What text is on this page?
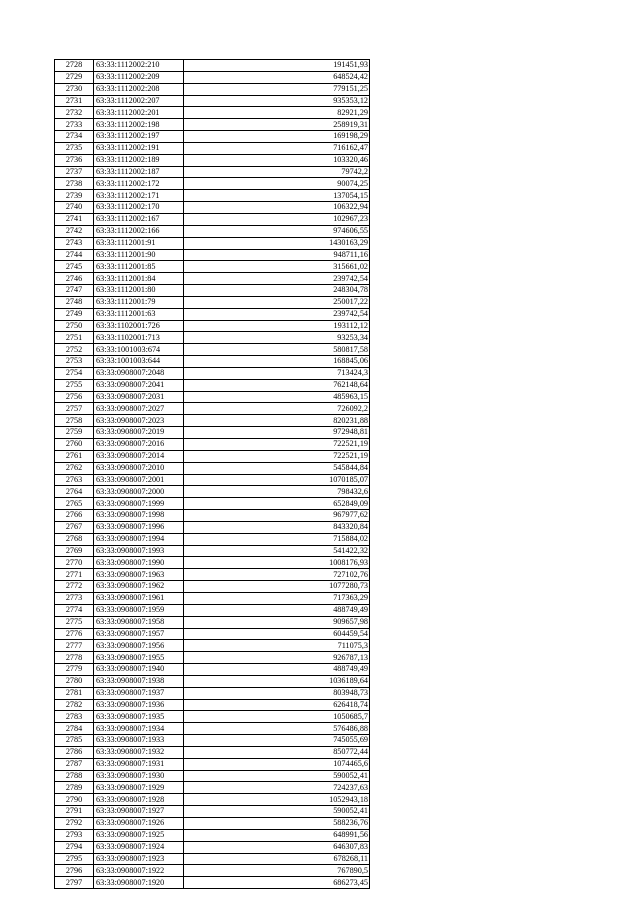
2728	63:33:1112002:210	191451,93
2729	63:33:1112002:209	648524,42
2730	63:33:1112002:208	779151,25
2731	63:33:1112002:207	935353,12
2732	63:33:1112002:201	82921,29
2733	63:33:1112002:198	258919,31
2734	63:33:1112002:197	169198,29
2735	63:33:1112002:191	716162,47
2736	63:33:1112002:189	103320,46
2737	63:33:1112002:187	79742,2
2738	63:33:1112002:172	90074,25
2739	63:33:1112002:171	137054,15
2740	63:33:1112002:170	106322,94
2741	63:33:1112002:167	102967,23
2742	63:33:1112002:166	974606,55
2743	63:33:1112001:91	1430163,29
2744	63:33:1112001:90	948711,16
2745	63:33:1112001:85	315661,02
2746	63:33:1112001:84	239742,54
2747	63:33:1112001:80	248304,78
2748	63:33:1112001:79	250017,22
2749	63:33:1112001:63	239742,54
2750	63:33:1102001:726	193112,12
2751	63:33:1102001:713	93253,34
2752	63:33:1001003:674	580817,58
2753	63:33:1001003:644	168845,06
2754	63:33:0908007:2048	713424,3
2755	63:33:0908007:2041	762148,64
2756	63:33:0908007:2031	485963,15
2757	63:33:0908007:2027	726092,2
2758	63:33:0908007:2023	820231,88
2759	63:33:0908007:2019	972948,81
2760	63:33:0908007:2016	722521,19
2761	63:33:0908007:2014	722521,19
2762	63:33:0908007:2010	545844,84
2763	63:33:0908007:2001	1070185,07
2764	63:33:0908007:2000	798432,6
2765	63:33:0908007:1999	652849,09
2766	63:33:0908007:1998	967977,62
2767	63:33:0908007:1996	843320,84
2768	63:33:0908007:1994	715884,02
2769	63:33:0908007:1993	541422,32
2770	63:33:0908007:1990	1008176,93
2771	63:33:0908007:1963	727102,76
2772	63:33:0908007:1962	1077280,73
2773	63:33:0908007:1961	717363,29
2774	63:33:0908007:1959	488749,49
2775	63:33:0908007:1958	909657,98
2776	63:33:0908007:1957	604459,54
2777	63:33:0908007:1956	711075,3
2778	63:33:0908007:1955	926787,13
2779	63:33:0908007:1940	488749,49
2780	63:33:0908007:1938	1036189,64
2781	63:33:0908007:1937	803948,73
2782	63:33:0908007:1936	626418,74
2783	63:33:0908007:1935	1050685,7
2784	63:33:0908007:1934	576486,88
2785	63:33:0908007:1933	745055,69
2786	63:33:0908007:1932	850772,44
2787	63:33:0908007:1931	1074465,6
2788	63:33:0908007:1930	590052,41
2789	63:33:0908007:1929	724237,63
2790	63:33:0908007:1928	1052943,18
2791	63:33:0908007:1927	590052,41
2792	63:33:0908007:1926	588236,76
2793	63:33:0908007:1925	648991,56
2794	63:33:0908007:1924	646307,83
2795	63:33:0908007:1923	678268,11
2796	63:33:0908007:1922	767890,5
2797	63:33:0908007:1920	686273,45
